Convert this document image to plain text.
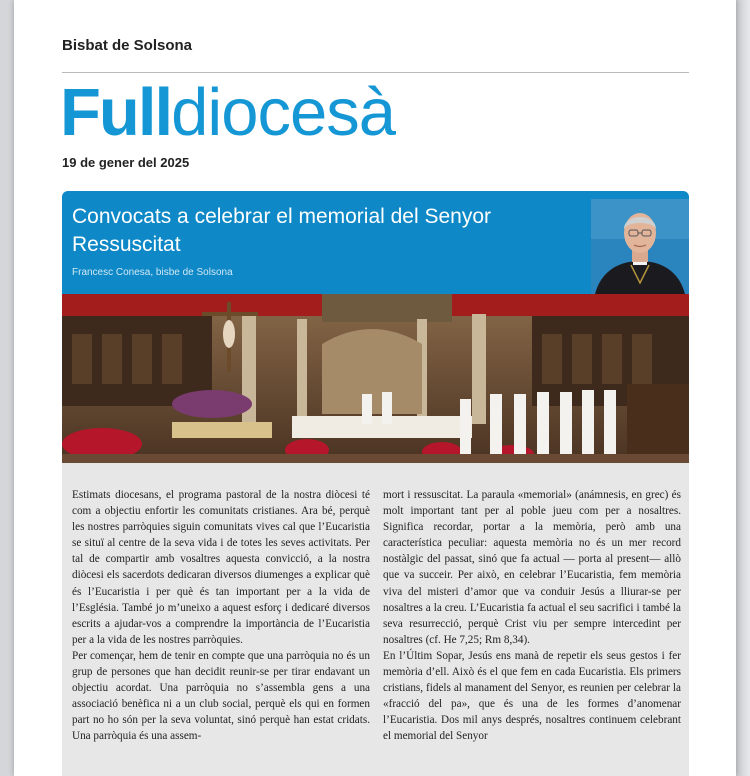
Bisbat de Solsona
Fulldiocesà
19 de gener del 2025
Convocats a celebrar el memorial del Senyor Ressuscitat
Francesc Conesa, bisbe de Solsona

Estimats diocesans, el programa pastoral de la nostra diòcesi té com a objectiu enfortir les comunitats cristianes. Ara bé, perquè les nostres parròquies siguin comunitats vives cal que l’Eucaristia se situï al centre de la seva vida i de totes les seves activitats. Per tal de compartir amb vosaltres aquesta convicció, a la nostra diòcesi els sacerdots dedicaran diversos diumenges a explicar què és l’Eucaristia i per què és tan important per a la vida de l’Església. També jo m’uneixo a aquest esforç i dedicaré diversos escrits a ajudar-vos a comprendre la importància de l’Eucaristia per a la vida de les nostres parròquies.

Per començar, hem de tenir en compte que una parròquia no és un grup de persones que han decidit reunir-se per tirar endavant un objectiu acordat. Una parròquia no s’assembla gens a una associació benèfica ni a un club social, perquè els qui en formen part no ho són per la seva voluntat, sinó perquè han estat cridats. Una parròquia és una assem-

mort i ressuscitat. La paraula «memorial» (anámnesis, en grec) és molt important tant per al poble jueu com per a nosaltres. Significa recordar, portar a la memòria, però amb una característica peculiar: aquesta memòria no és un mer record nostàlgic del passat, sinó que fa actual — porta al present— allò que va succeir. Per això, en celebrar l’Eucaristia, fem memòria viva del misteri d’amor que va conduir Jesús a lliurar-se per nosaltres a la creu. L’Eucaristia fa actual el seu sacrifici i també la seva resurrecció, perquè Crist viu per sempre intercedint per nosaltres (cf. He 7,25; Rm 8,34).

En l’Últim Sopar, Jesús ens manà de repetir els seus gestos i fer memòria d’ell. Això és el que fem en cada Eucaristia. Els primers cristians, fidels al manament del Senyor, es reunien per celebrar la «fracció del pa», que és una de les formes d’anomenar l’Eucaristia. Dos mil anys després, nosaltres continuem celebrant el memorial del Senyor
